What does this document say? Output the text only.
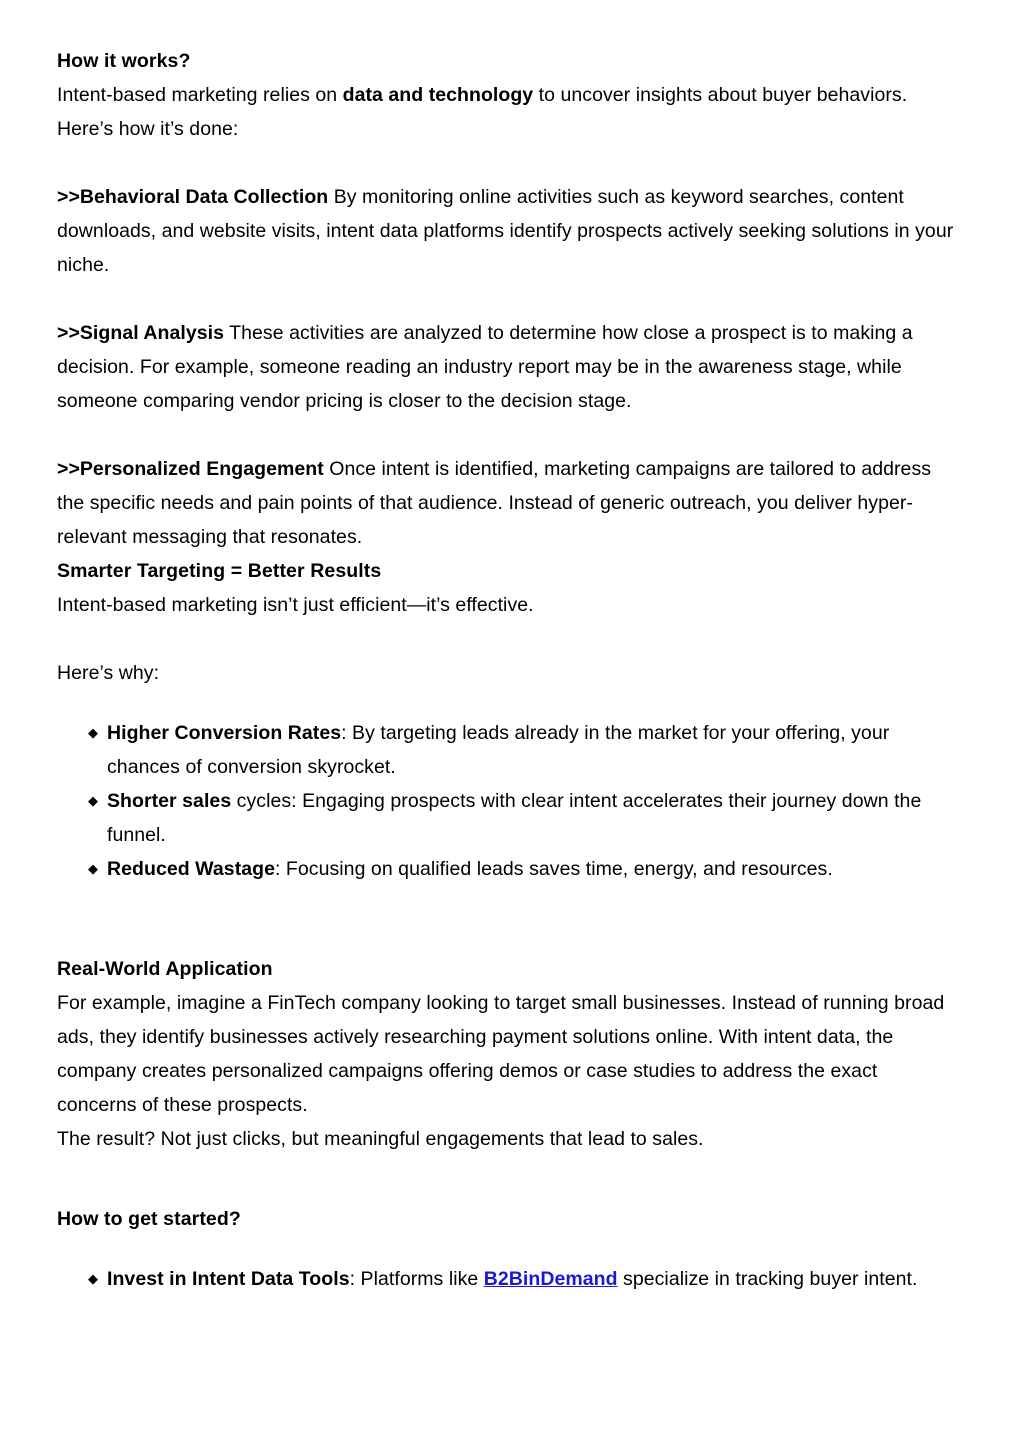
How it works?

Intent-based marketing relies on data and technology to uncover insights about buyer behaviors.

Here’s how it’s done:

>>Behavioral Data Collection By monitoring online activities such as keyword searches, content downloads, and website visits, intent data platforms identify prospects actively seeking solutions in your niche.

>>Signal Analysis These activities are analyzed to determine how close a prospect is to making a decision. For example, someone reading an industry report may be in the awareness stage, while someone comparing vendor pricing is closer to the decision stage.

>>Personalized Engagement Once intent is identified, marketing campaigns are tailored to address the specific needs and pain points of that audience. Instead of generic outreach, you deliver hyper-relevant messaging that resonates.

Smarter Targeting = Better Results

Intent-based marketing isn’t just efficient—it’s effective.

Here’s why:

◆ Higher Conversion Rates: By targeting leads already in the market for your offering, your chances of conversion skyrocket.
◆ Shorter sales cycles: Engaging prospects with clear intent accelerates their journey down the funnel.
◆ Reduced Wastage: Focusing on qualified leads saves time, energy, and resources.
Real-World Application

For example, imagine a FinTech company looking to target small businesses. Instead of running broad ads, they identify businesses actively researching payment solutions online. With intent data, the company creates personalized campaigns offering demos or case studies to address the exact concerns of these prospects.

The result? Not just clicks, but meaningful engagements that lead to sales.

How to get started?
◆ Invest in Intent Data Tools: Platforms like B2BinDemand specialize in tracking buyer intent.
